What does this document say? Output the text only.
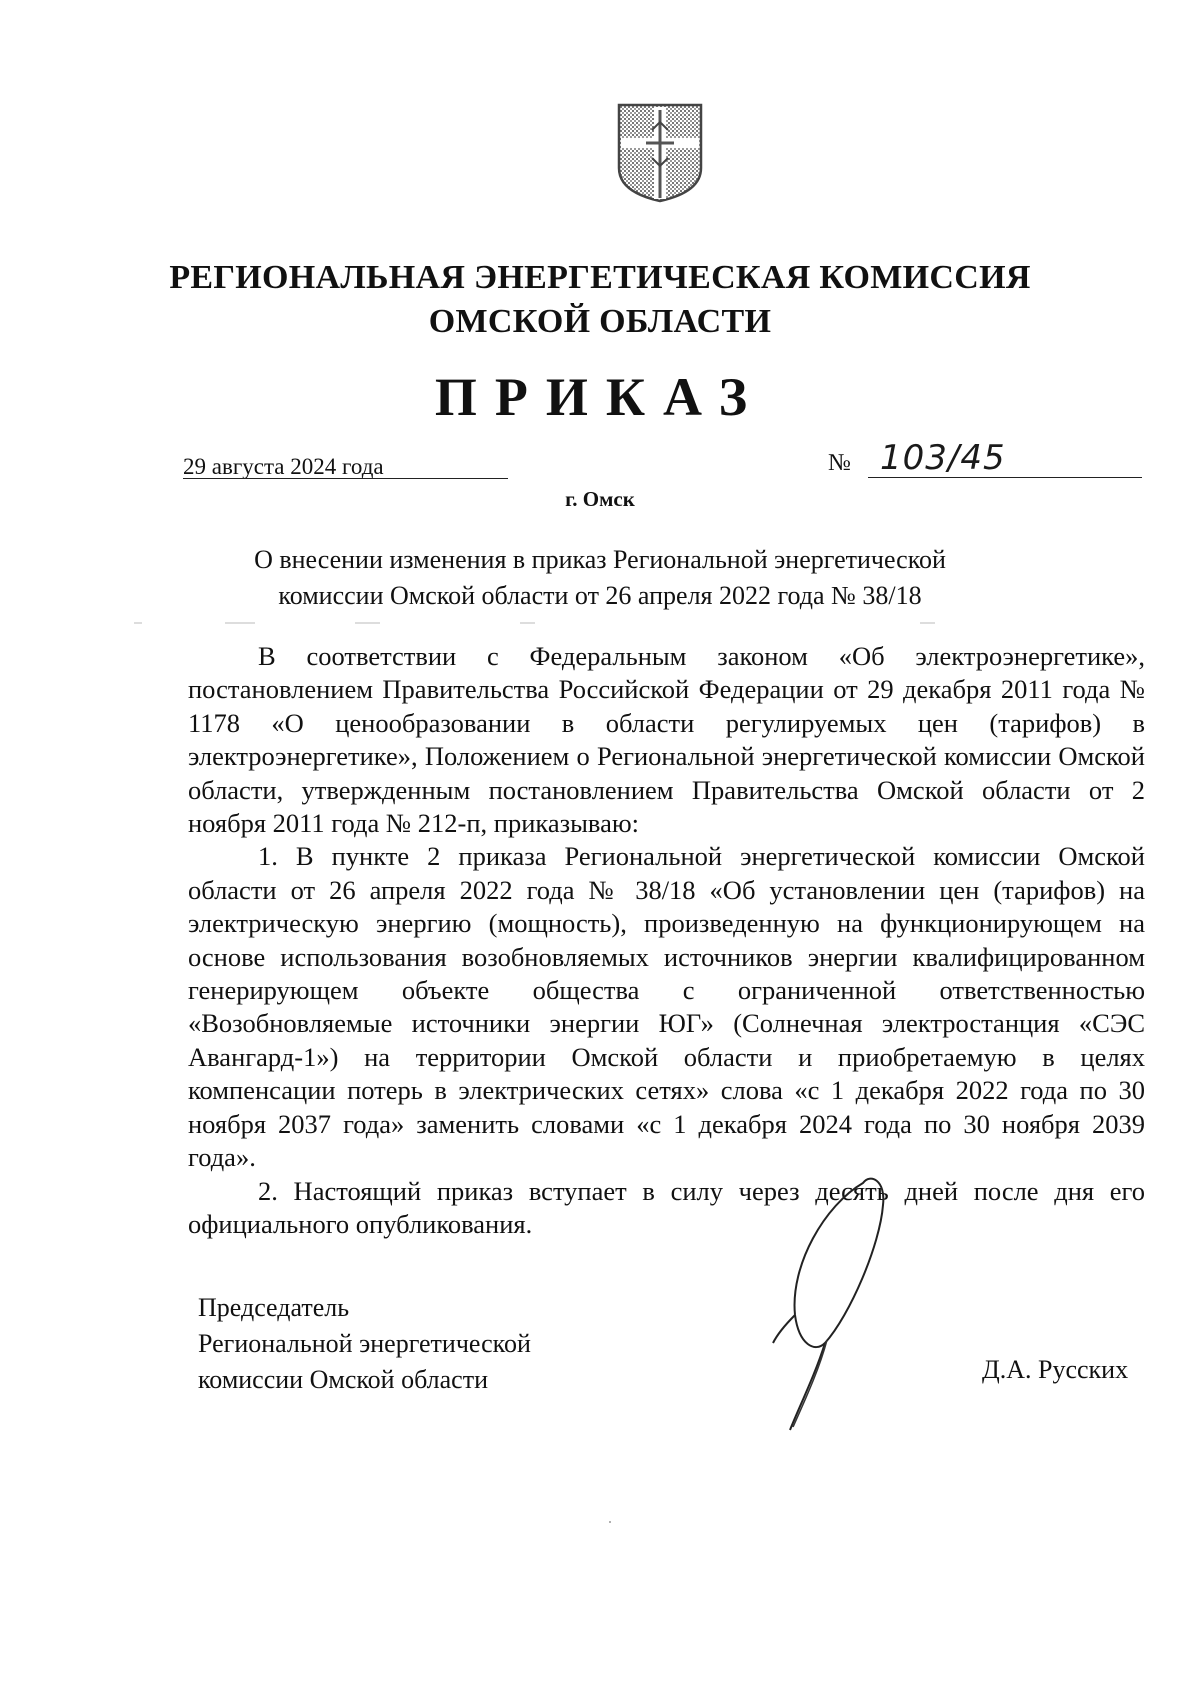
РЕГИОНАЛЬНАЯ ЭНЕРГЕТИЧЕСКАЯ КОМИССИЯ
ОМСКОЙ ОБЛАСТИ
ПРИКАЗ
29 августа 2024 года	№ 103/45
г. Омск
О внесении изменения в приказ Региональной энергетической
комиссии Омской области от 26 апреля 2022 года № 38/18

В соответствии с Федеральным законом «Об электроэнергетике», постановлением Правительства Российской Федерации от 29 декабря 2011 года № 1178 «О ценообразовании в области регулируемых цен (тарифов) в электроэнергетике», Положением о Региональной энергетической комиссии Омской области, утвержденным постановлением Правительства Омской области от 2 ноября 2011 года № 212-п, приказываю:

1. В пункте 2 приказа Региональной энергетической комиссии Омской области от 26 апреля 2022 года № 38/18 «Об установлении цен (тарифов) на электрическую энергию (мощность), произведенную на функционирующем на основе использования возобновляемых источников энергии квалифицированном генерирующем объекте общества с ограниченной ответственностью «Возобновляемые источники энергии ЮГ» (Солнечная электростанция «СЭС Авангард-1») на территории Омской области и приобретаемую в целях компенсации потерь в электрических сетях» слова «с 1 декабря 2022 года по 30 ноября 2037 года» заменить словами «с 1 декабря 2024 года по 30 ноября 2039 года».

2. Настоящий приказ вступает в силу через десять дней после дня его официального опубликования.

Председатель
Региональной энергетической
комиссии Омской области	Д.А. Русских
